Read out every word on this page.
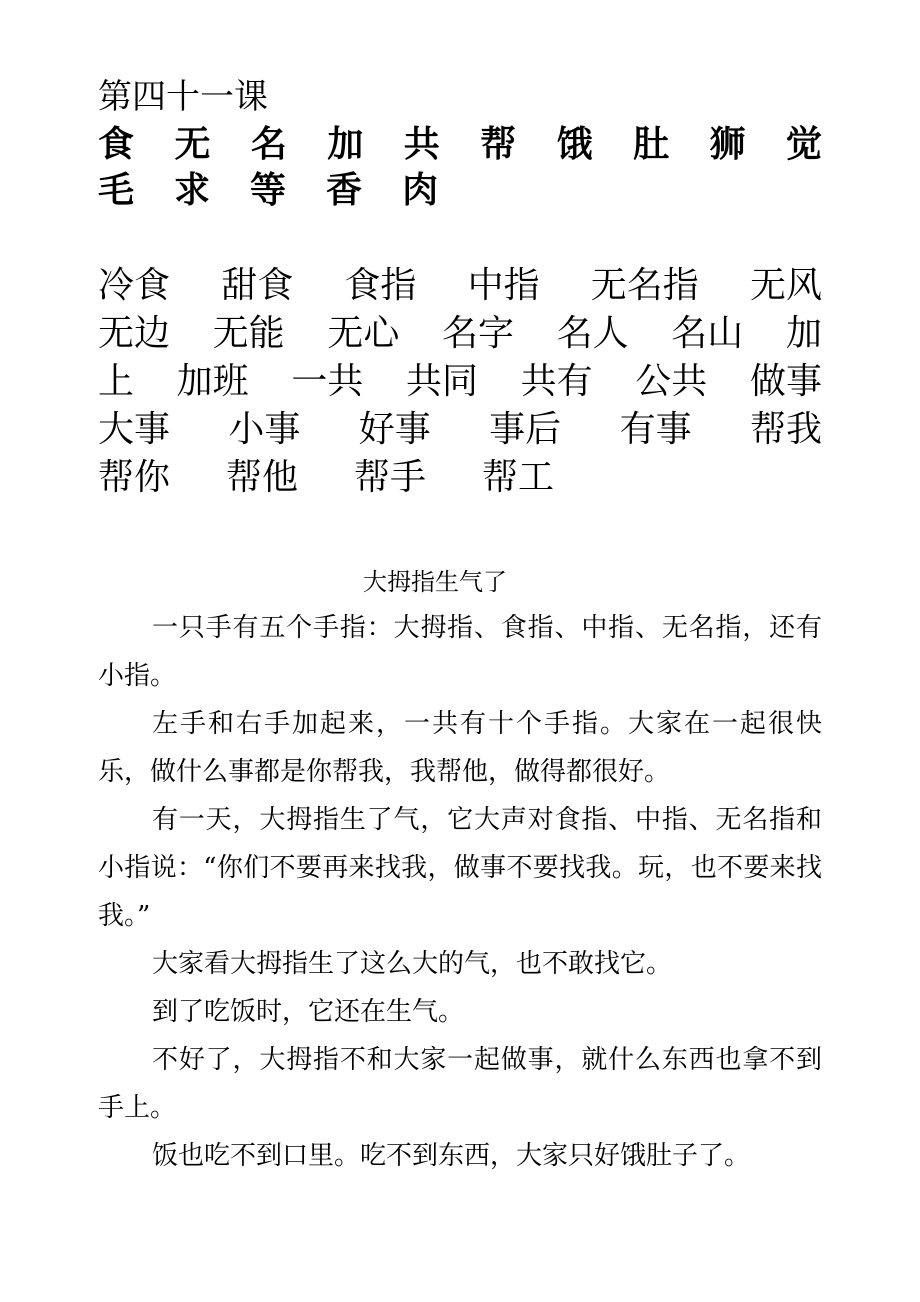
第四十一课
食 无 名 加 共 帮 饿 肚 狮 觉
毛 求 等 香 肉
冷食 甜食 食指 中指 无名指 无风
无边 无能 无心 名字 名人 名山 加
上 加班 一共 共同 共有 公共 做事
大事 小事 好事 事后 有事 帮我
帮你 帮他 帮手 帮工
大拇指生气了

一只手有五个手指：大拇指、食指、中指、无名指，还有小指。

左手和右手加起来，一共有十个手指。大家在一起很快乐，做什么事都是你帮我，我帮他，做得都很好。

有一天，大拇指生了气，它大声对食指、中指、无名指和小指说：“你们不要再来找我，做事不要找我。玩，也不要来找我。”

大家看大拇指生了这么大的气，也不敢找它。

到了吃饭时，它还在生气。

不好了，大拇指不和大家一起做事，就什么东西也拿不到手上。

饭也吃不到口里。吃不到东西，大家只好饿肚子了。
